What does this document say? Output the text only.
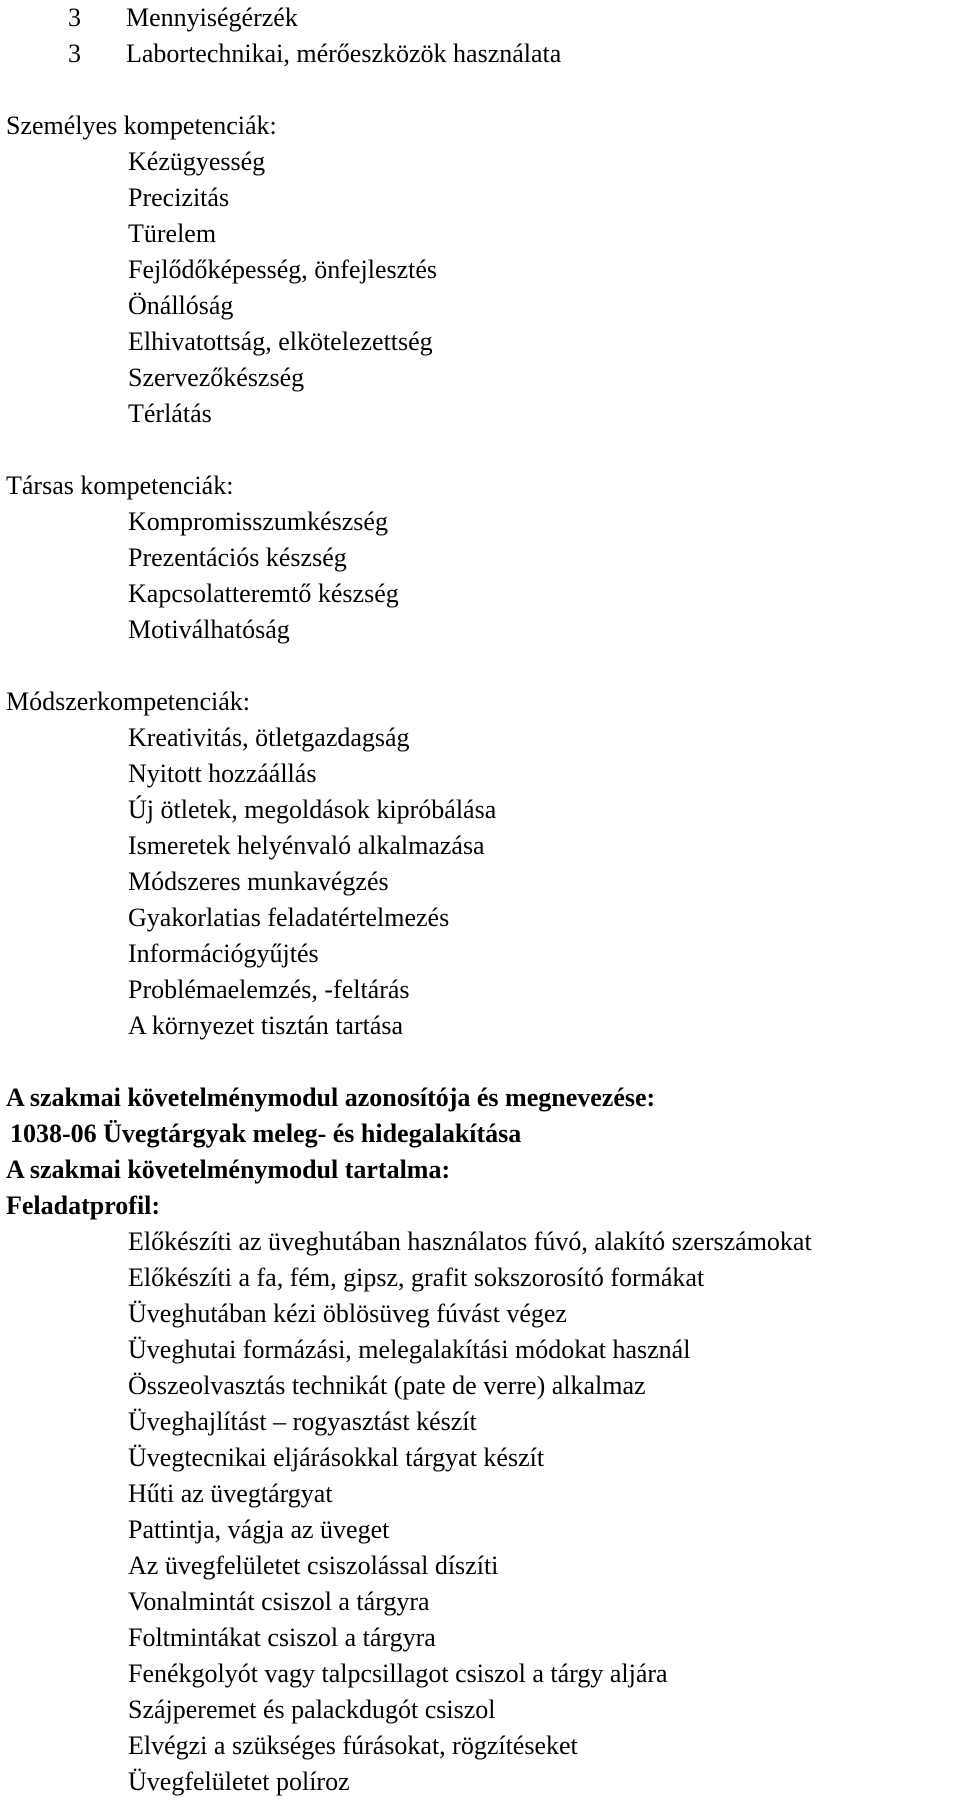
3 Mennyiségérzék
3 Labortechnikai, mérőeszközök használata
Személyes kompetenciák:
Kézügyesség
Precizitás
Türelem
Fejlődőképesség, önfejlesztés
Önállóság
Elhivatottság, elkötelezettség
Szervezőkészség
Térlátás
Társas kompetenciák:
Kompromisszumkészség
Prezentációs készség
Kapcsolatteremtő készség
Motiválhatóság
Módszerkompetenciák:
Kreativitás, ötletgazdagság
Nyitott hozzáállás
Új ötletek, megoldások kipróbálása
Ismeretek helyénvaló alkalmazása
Módszeres munkavégzés
Gyakorlatias feladatértelmezés
Információgyűjtés
Problémaelemzés, -feltárás
A környezet tisztán tartása
A szakmai követelménymodul azonosítója és megnevezése:
1038-06 Üvegtárgyak meleg- és hidegalakítása
A szakmai követelménymodul tartalma:
Feladatprofil:
Előkészíti az üveghutában használatos fúvó, alakító szerszámokat
Előkészíti a fa, fém, gipsz, grafit sokszorosító formákat
Üveghutában kézi öblösüveg fúvást végez
Üveghutai formázási, melegalakítási módokat használ
Összeolvasztás technikát (pate de verre) alkalmaz
Üveghajlítást – rogyasztást készít
Üvegtecnikai eljárásokkal tárgyat készít
Hűti az üvegtárgyat
Pattintja, vágja az üveget
Az üvegfelületet csiszolással díszíti
Vonalmintát csiszol a tárgyra
Foltmintákat csiszol a tárgyra
Fenékgolyót vagy talpcsillagot csiszol a tárgy aljára
Szájperemet és palackdugót csiszol
Elvégzi a szükséges fúrásokat, rögzítéseket
Üvegfelületet políroz
